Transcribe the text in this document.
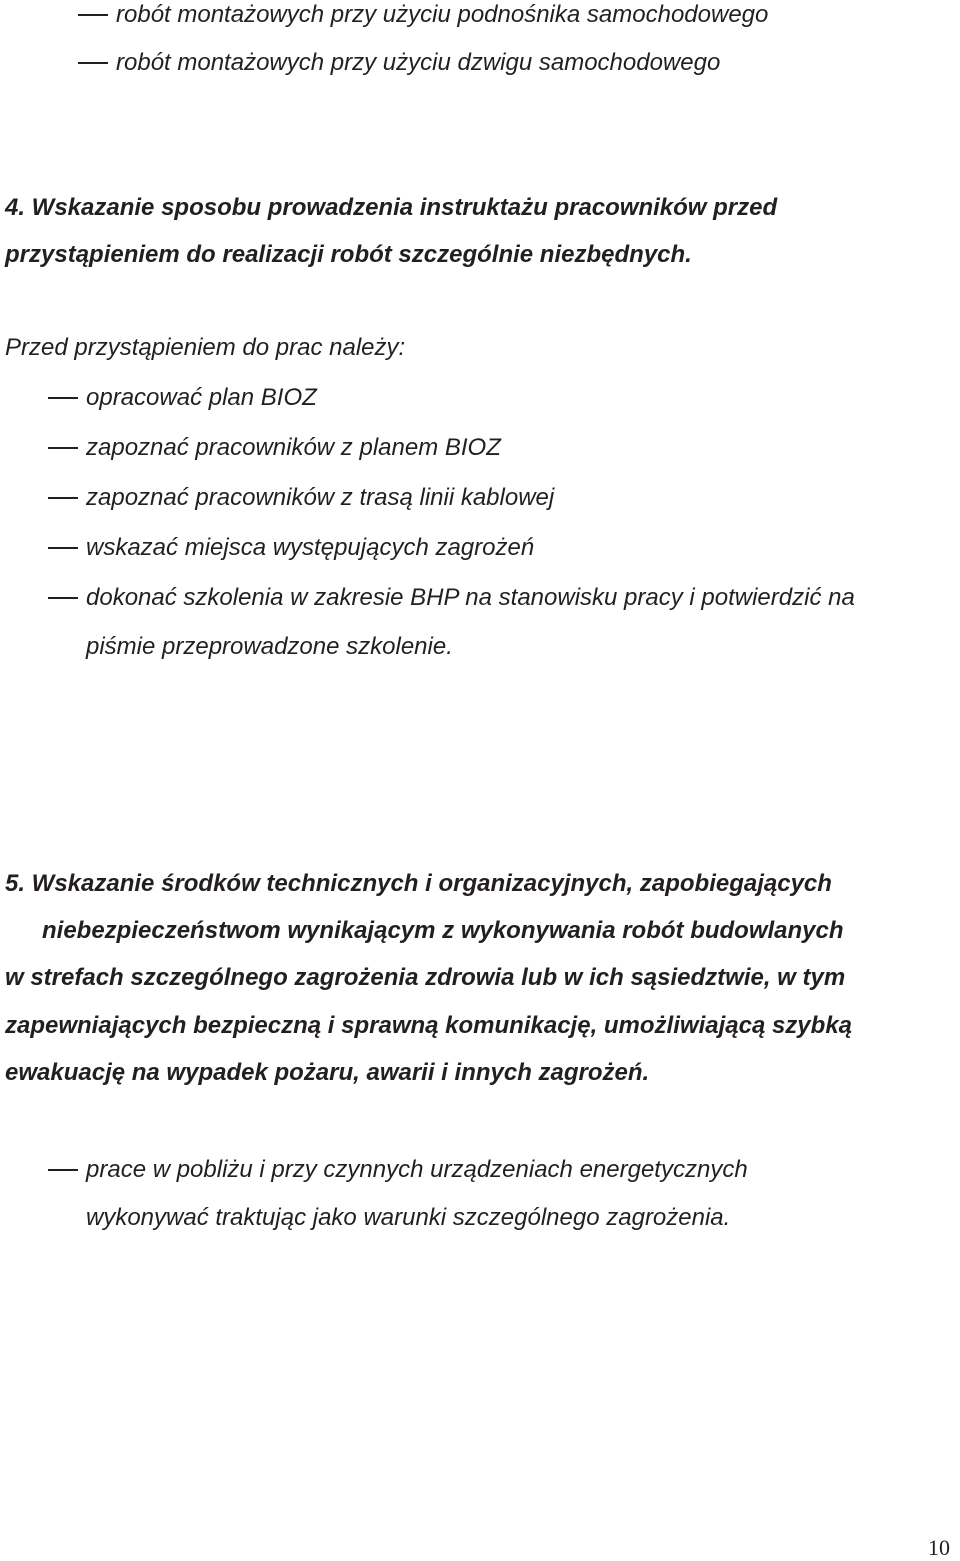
robót montażowych przy użyciu podnośnika samochodowego
robót montażowych przy użyciu dzwigu samochodowego
4. Wskazanie sposobu prowadzenia instruktażu pracowników przed
przystąpieniem do realizacji robót szczególnie niezbędnych.
Przed przystąpieniem do prac należy:
opracować plan BIOZ
zapoznać pracowników z planem BIOZ
zapoznać pracowników z trasą linii kablowej
wskazać miejsca występujących zagrożeń
dokonać szkolenia w zakresie BHP na stanowisku pracy i potwierdzić na
piśmie przeprowadzone szkolenie.
5. Wskazanie środków technicznych i organizacyjnych, zapobiegających
niebezpieczeństwom wynikającym z wykonywania robót budowlanych
w strefach szczególnego zagrożenia zdrowia lub w ich sąsiedztwie, w tym
zapewniających bezpieczną i sprawną komunikację, umożliwiającą szybką
ewakuację na wypadek pożaru, awarii i innych zagrożeń.
prace w pobliżu i przy czynnych urządzeniach energetycznych
wykonywać traktując jako warunki szczególnego zagrożenia.
10
